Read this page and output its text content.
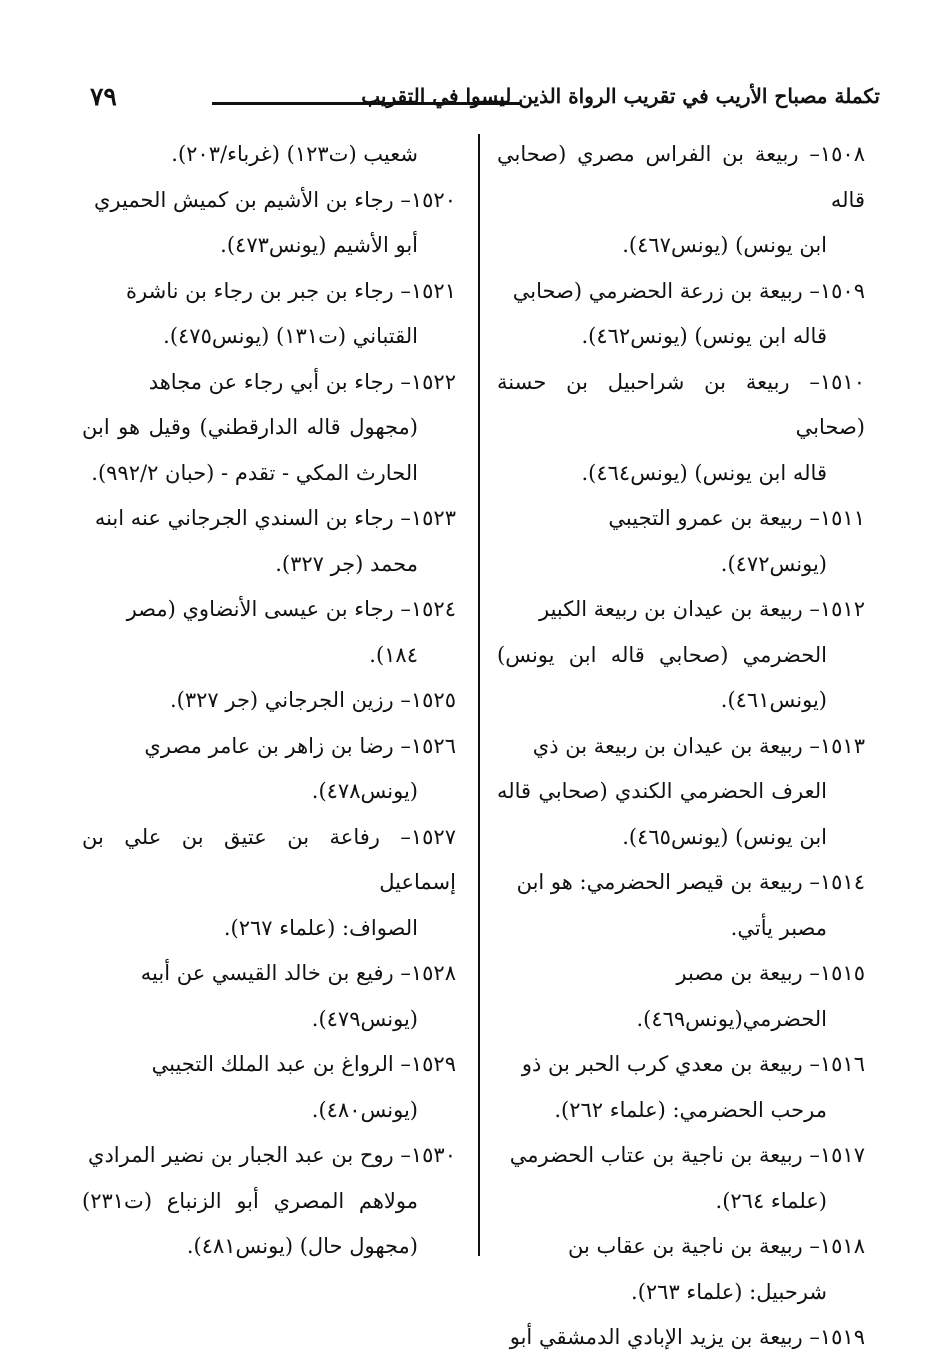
٧٩	تكملة مصباح الأريب في تقريب الرواة الذين ليسوا في التقريب

١٥٠٨– ربيعة بن الفراس مصري (صحابي قاله
ابن يونس) (يونس٤٦٧).

١٥٠٩– ربيعة بن زرعة الحضرمي (صحابي
قاله ابن يونس) (يونس٤٦٢).

١٥١٠– ربيعة بن شراحبيل بن حسنة (صحابي
قاله ابن يونس) (يونس٤٦٤).

١٥١١– ربيعة بن عمرو التجيبي
(يونس٤٧٢).

١٥١٢– ربيعة بن عيدان بن ربيعة الكبير
الحضرمي (صحابي قاله ابن يونس) (يونس٤٦١).

١٥١٣– ربيعة بن عيدان بن ربيعة بن ذي
العرف الحضرمي الكندي (صحابي قاله ابن يونس) (يونس٤٦٥).

١٥١٤– ربيعة بن قيصر الحضرمي: هو ابن
مصبر يأتي.

١٥١٥– ربيعة بن مصبر
الحضرمي(يونس٤٦٩).

١٥١٦– ربيعة بن معدي كرب الحبر بن ذو
مرحب الحضرمي: (علماء ٢٦٢).

١٥١٧– ربيعة بن ناجية بن عتاب الحضرمي
(علماء ٢٦٤).

١٥١٨– ربيعة بن ناجية بن عقاب بن
شرحبيل: (علماء ٢٦٣).

١٥١٩– ربيعة بن يزيد الإبادي الدمشقي أبو

شعيب (ت١٢٣) (غرباء/٢٠٣).

١٥٢٠– رجاء بن الأشيم بن كميش الحميري
أبو الأشيم (يونس٤٧٣).

١٥٢١– رجاء بن جبر بن رجاء بن ناشرة
القتباني (ت١٣١) (يونس٤٧٥).

١٥٢٢– رجاء بن أبي رجاء عن مجاهد
(مجهول قاله الدارقطني) وقيل هو ابن الحارث المكي - تقدم - (حبان ٩٩٢/٢).

١٥٢٣– رجاء بن السندي الجرجاني عنه ابنه
محمد (جر ٣٢٧).

١٥٢٤– رجاء بن عيسى الأنضاوي (مصر
١٨٤).

١٥٢٥– رزين الجرجاني (جر ٣٢٧).

١٥٢٦– رضا بن زاهر بن عامر مصري
(يونس٤٧٨).

١٥٢٧– رفاعة بن عتيق بن علي بن إسماعيل
الصواف: (علماء ٢٦٧).

١٥٢٨– رفيع بن خالد القيسي عن أبيه
(يونس٤٧٩).

١٥٢٩– الرواغ بن عبد الملك التجيبي
(يونس٤٨٠).

١٥٣٠– روح بن عبد الجبار بن نضير المرادي
مولاهم المصري أبو الزنباع (ت٢٣١) (مجهول حال) (يونس٤٨١).
